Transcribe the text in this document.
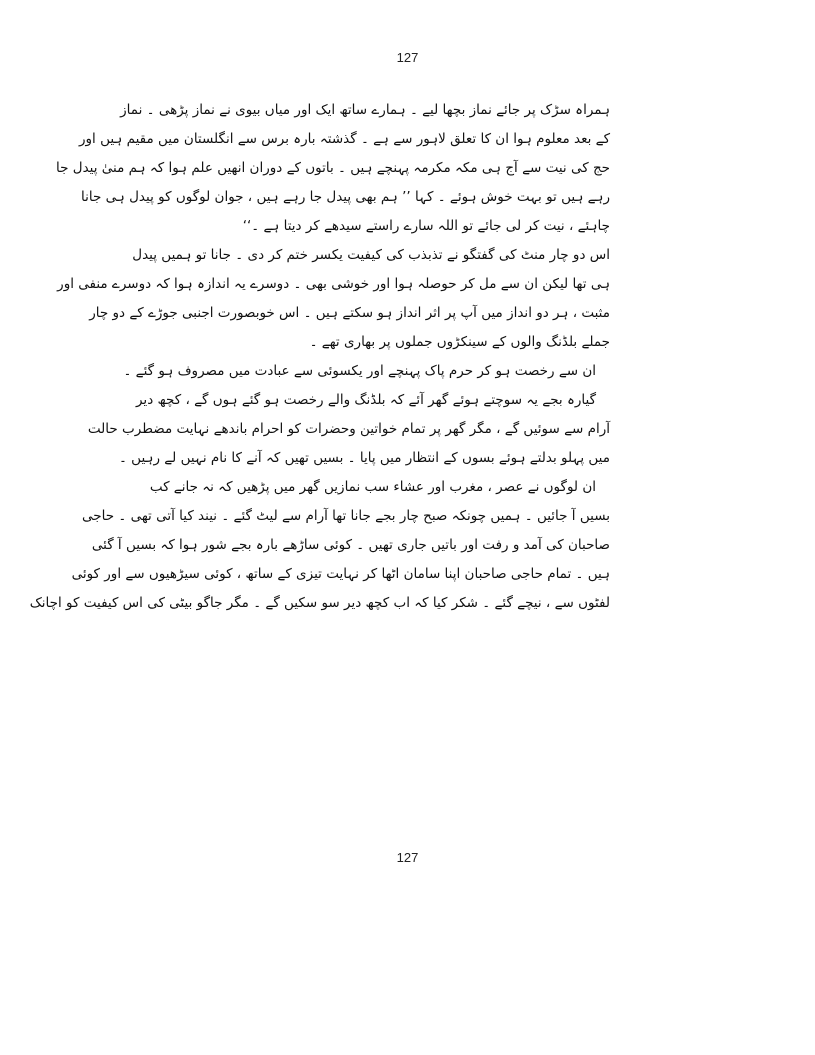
127
ہمراہ سڑک پر جائے نماز بچھا لیے ۔ ہمارے ساتھ ایک اور میاں بیوی نے نماز پڑھی ۔ نماز
کے بعد معلوم ہوا ان کا تعلق لاہور سے ہے ۔ گذشتہ بارہ برس سے انگلستان میں مقیم ہیں اور
حج کی نیت سے آج ہی مکہ مکرمہ پہنچے ہیں ۔ باتوں کے دوران انھیں علم ہوا کہ ہم منیٰ پیدل جا
رہے ہیں تو بہت خوش ہوئے ۔ کہا ’’ ہم بھی پیدل جا رہے ہیں ، جوان لوگوں کو پیدل ہی جانا
چاہئے ، نیت کر لی جائے تو اللہ سارے راستے سیدھے کر دیتا ہے ۔‘‘
اس دو چار منٹ کی گفتگو نے تذبذب کی کیفیت یکسر ختم کر دی ۔ جانا تو ہمیں پیدل
ہی تھا لیکن ان سے مل کر حوصلہ ہوا اور خوشی بھی ۔ دوسرے یہ اندازہ ہوا کہ دوسرے منفی اور
مثبت ، ہر دو انداز میں آپ پر اثر انداز ہو سکتے ہیں ۔ اس خوبصورت اجنبی جوڑے کے دو چار
جملے بلڈنگ والوں کے سینکڑوں جملوں پر بھاری تھے ۔
ان سے رخصت ہو کر حرم پاک پہنچے اور یکسوئی سے عبادت میں مصروف ہو گئے ۔
گیارہ بجے یہ سوچتے ہوئے گھر آئے کہ بلڈنگ والے رخصت ہو گئے ہوں گے ، کچھ دیر
آرام سے سوئیں گے ، مگر گھر پر تمام خواتین وحضرات کو احرام باندھے نہایت مضطرب حالت
میں پہلو بدلتے ہوئے بسوں کے انتظار میں پایا ۔ بسیں تھیں کہ آنے کا نام نہیں لے رہیں ۔
ان لوگوں نے عصر ، مغرب اور عشاء سب نمازیں گھر میں پڑھیں کہ نہ جانے کب
بسیں آ جائیں ۔ ہمیں چونکہ صبح چار بجے جانا تھا آرام سے لیٹ گئے ۔ نیند کیا آتی تھی ۔ حاجی
صاحبان کی آمد و رفت اور باتیں جاری تھیں ۔ کوئی ساڑھے بارہ بجے شور ہوا کہ بسیں آ گئی
ہیں ۔ تمام حاجی صاحبان اپنا سامان اٹھا کر نہایت تیزی کے ساتھ ، کوئی سیڑھیوں سے اور کوئی
لفٹوں سے ، نیچے گئے ۔ شکر کیا کہ اب کچھ دیر سو سکیں گے ۔ مگر جاگو بیٹی کی اس کیفیت کو اچانک
127
